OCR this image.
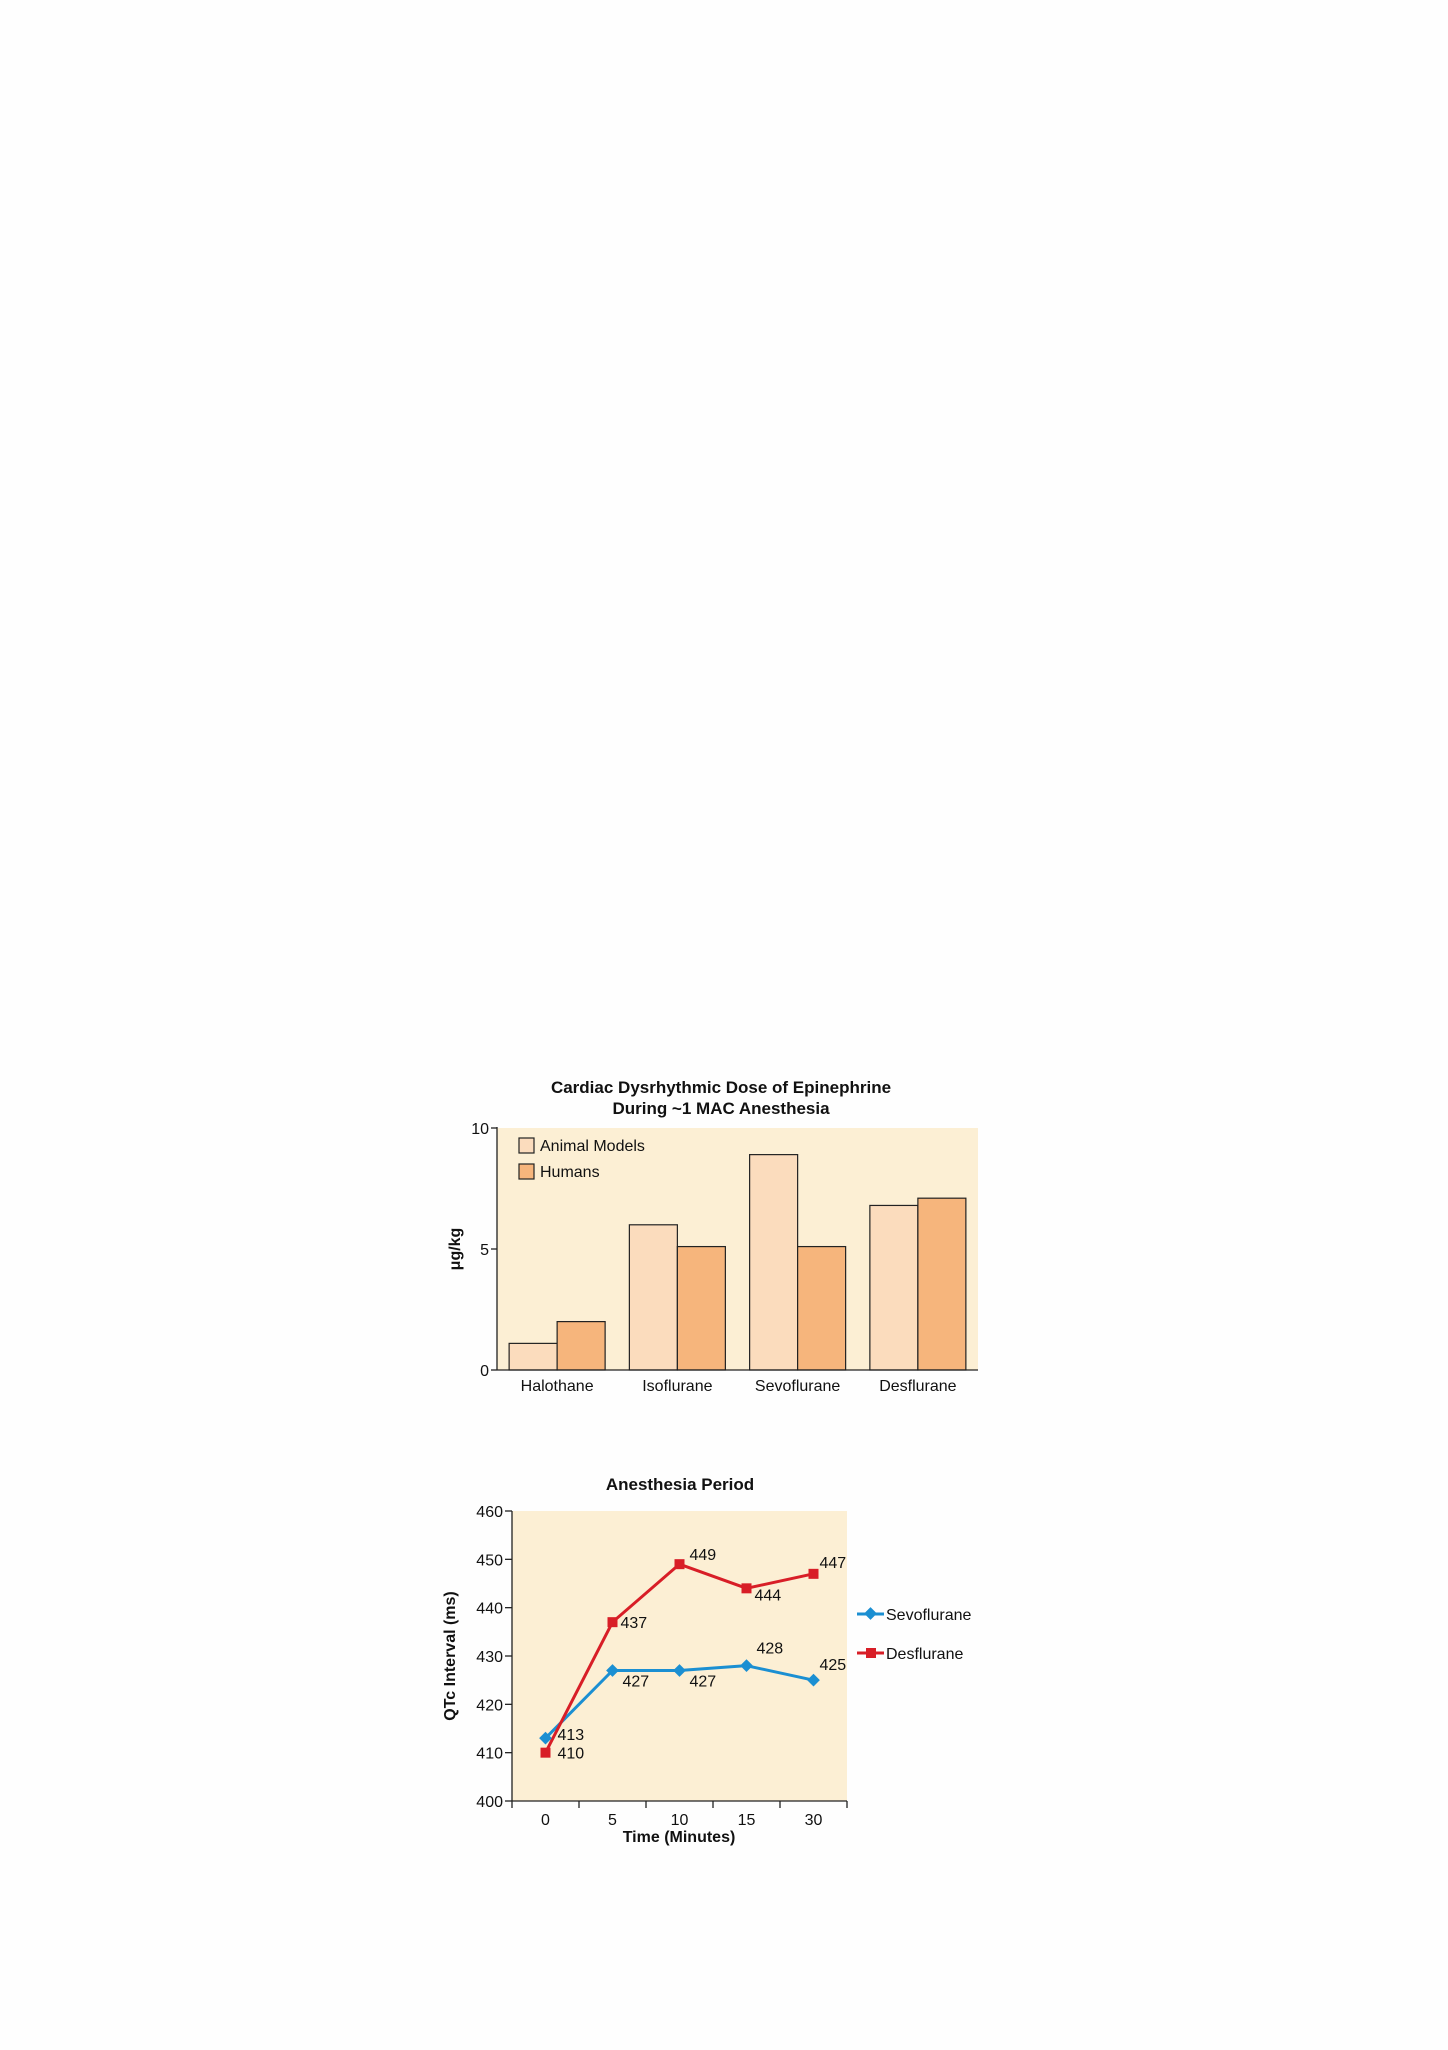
Cardiac Dysrhythmic Dose of Epinephrine
During ~1 MAC Anesthesia
Halothane	Isoflurane	Sevoflurane Desflurane
0
5
10
μg/kg
Animal Models
Humans
Anesthesia Period
400
410
420
430
440
450
460
0	5	10	15	30
413
427	427
428
425
410
437
449
444
447
Time (Minutes)
QTc Interval (ms)	Sevoflurane
Desflurane
